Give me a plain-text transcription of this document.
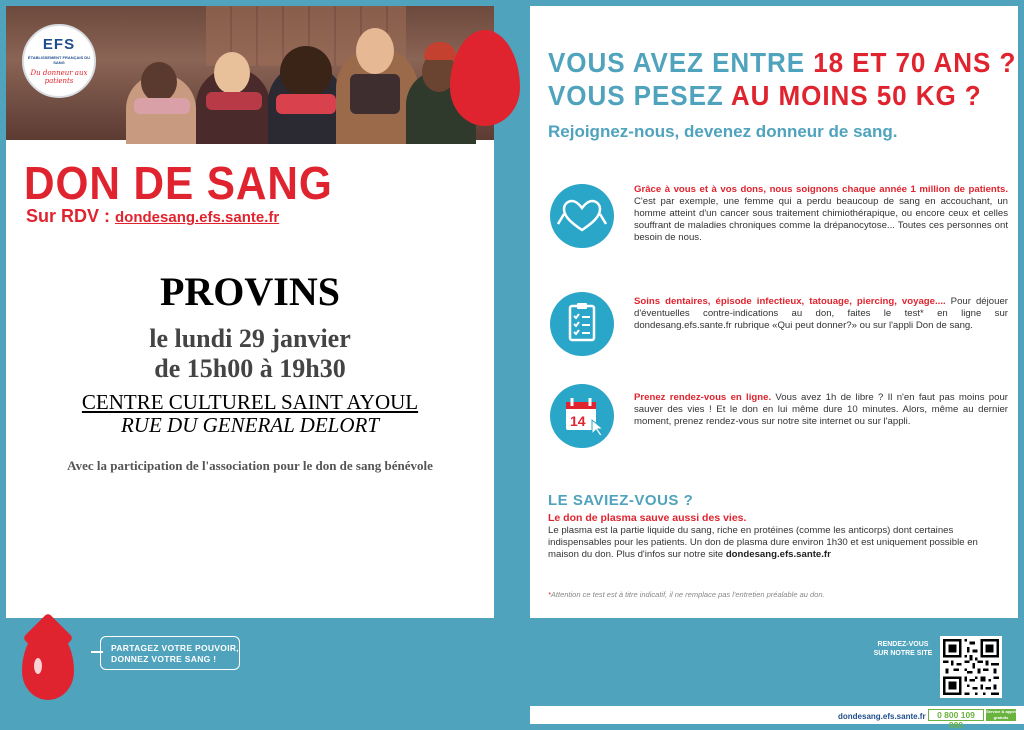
EFS
ÉTABLISSEMENT FRANÇAIS DU SANG
Du donneur aux patients
DON DE SANG
Sur RDV : dondesang.efs.sante.fr
PROVINS
le lundi 29 janvier
de 15h00 à 19h30
CENTRE CULTUREL SAINT AYOUL
RUE DU GENERAL DELORT
Avec la participation de l'association pour le don de sang bénévole
VOUS AVEZ ENTRE 18 ET 70 ANS ?
VOUS PESEZ AU MOINS 50 KG ?
Rejoignez-nous, devenez donneur de sang.
Grâce à vous et à vos dons, nous soignons chaque année 1 million de patients. C'est par exemple, une femme qui a perdu beaucoup de sang en accouchant, un homme atteint d'un cancer sous traitement chimiothérapique, ou encore ceux et celles souffrant de maladies chroniques comme la drépanocytose... Toutes ces personnes ont besoin de nous.
Soins dentaires, épisode infectieux, tatouage, piercing, voyage.... Pour déjouer d'éventuelles contre-indications au don, faites le test* en ligne sur dondesang.efs.sante.fr rubrique «Qui peut donner?» ou sur l'appli Don de sang.
14
Prenez rendez-vous en ligne. Vous avez 1h de libre ? Il n'en faut pas moins pour sauver des vies ! Et le don en lui même dure 10 minutes. Alors, même au dernier moment, prenez rendez-vous sur notre site internet ou sur l'appli.
LE SAVIEZ-VOUS ?
Le don de plasma sauve aussi des vies.
Le plasma est la partie liquide du sang, riche en protéines (comme les anticorps) dont certaines indispensables pour les patients. Un don de plasma dure environ 1h30 et est uniquement possible en maison du don. Plus d'infos sur notre site dondesang.efs.sante.fr
*Attention ce test est à titre indicatif, il ne remplace pas l'entretien préalable au don.
PARTAGEZ VOTRE POUVOIR,
DONNEZ VOTRE SANG !
RENDEZ-VOUS SUR NOTRE SITE
dondesang.efs.sante.fr	0 800 109 900
Service & appel gratuits
